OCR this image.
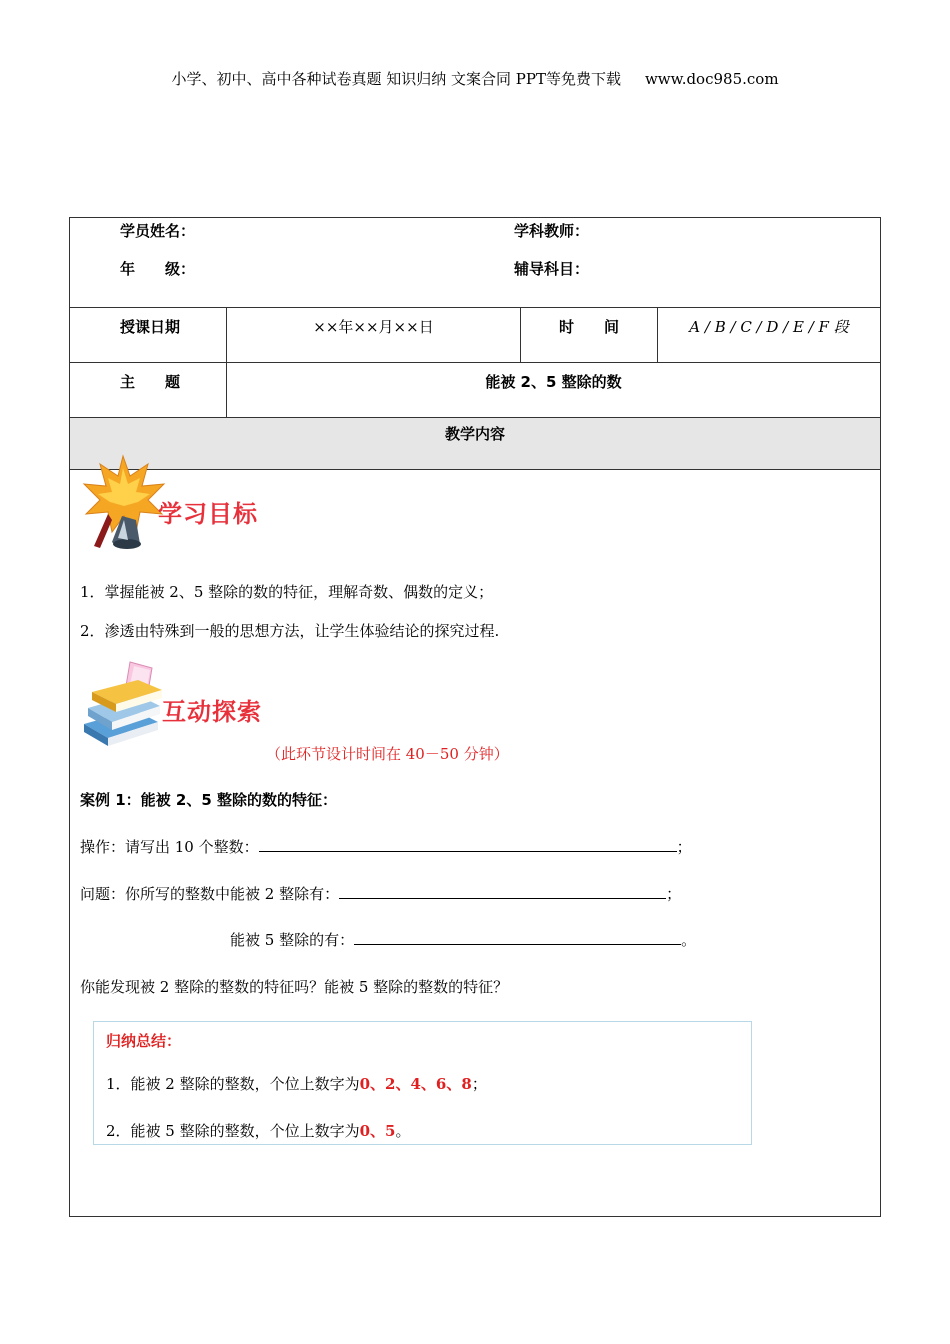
小学、初中、高中各种试卷真题 知识归纳 文案合同 PPT等免费下载 www.doc985.com
学员姓名： 学科教师：
年　　级： 辅导科目：			

授课日期	××年××月××日	时　　间	A / B / C / D / E / F 段
主　　题	能被 2、5 整除的数		
教学内容			
学习目标
1．掌握能被 2、5 整除的数的特征，理解奇数、偶数的定义；
2．渗透由特殊到一般的思想方法，让学生体验结论的探究过程.
互动探索
（此环节设计时间在 40－50 分钟）
案例 1：能被 2、5 整除的数的特征：
操作：请写出 10 个整数：	；
问题：你所写的整数中能被 2 整除有：	；
能被 5 整除的有：	。
你能发现被 2 整除的整数的特征吗？能被 5 整除的整数的特征？
归纳总结：
1．能被 2 整除的整数，个位上数字为0、2、4、6、8；
2．能被 5 整除的整数，个位上数字为0、5。
